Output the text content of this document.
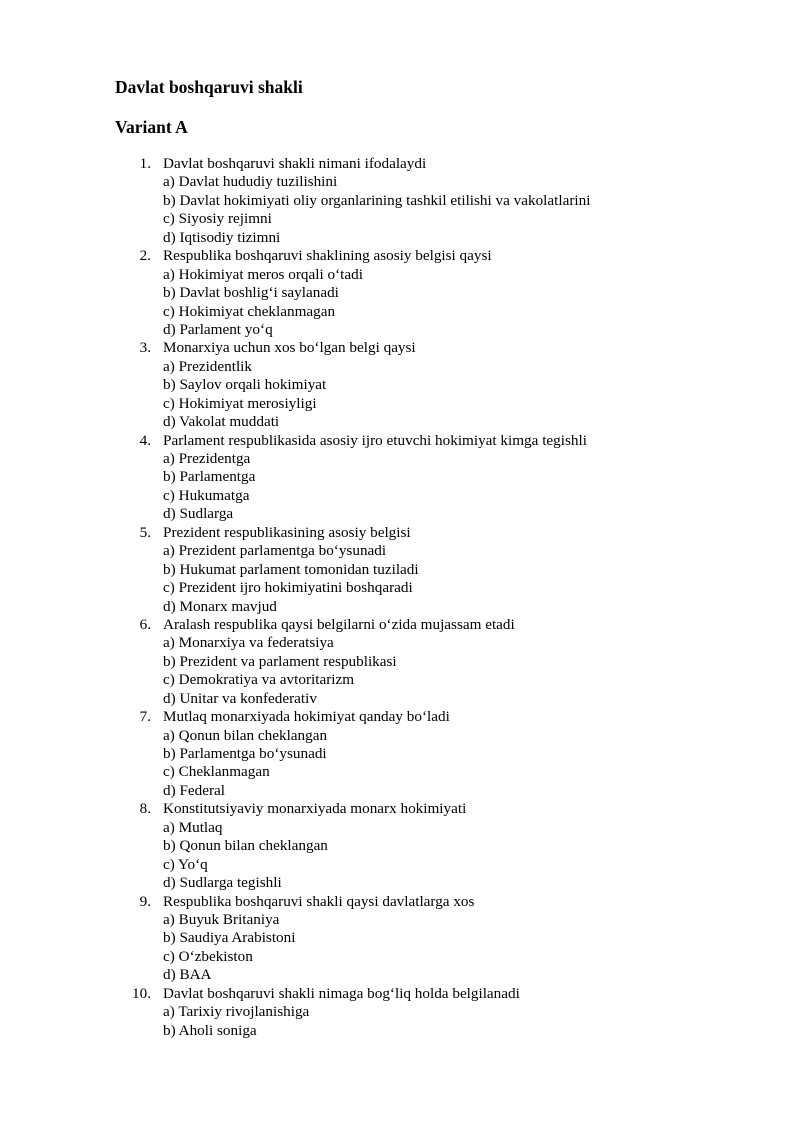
Davlat boshqaruvi shakli
Variant A
1. Davlat boshqaruvi shakli nimani ifodalaydi
a) Davlat hududiy tuzilishini
b) Davlat hokimiyati oliy organlarining tashkil etilishi va vakolatlarini
c) Siyosiy rejimni
d) Iqtisodiy tizimni
2. Respublika boshqaruvi shaklining asosiy belgisi qaysi
a) Hokimiyat meros orqali o‘tadi
b) Davlat boshlig‘i saylanadi
c) Hokimiyat cheklanmagan
d) Parlament yo‘q
3. Monarxiya uchun xos bo‘lgan belgi qaysi
a) Prezidentlik
b) Saylov orqali hokimiyat
c) Hokimiyat merosiyligi
d) Vakolat muddati
4. Parlament respublikasida asosiy ijro etuvchi hokimiyat kimga tegishli
a) Prezidentga
b) Parlamentga
c) Hukumatga
d) Sudlarga
5. Prezident respublikasining asosiy belgisi
a) Prezident parlamentga bo‘ysunadi
b) Hukumat parlament tomonidan tuziladi
c) Prezident ijro hokimiyatini boshqaradi
d) Monarx mavjud
6. Aralash respublika qaysi belgilarni o‘zida mujassam etadi
a) Monarxiya va federatsiya
b) Prezident va parlament respublikasi
c) Demokratiya va avtoritarizm
d) Unitar va konfederativ
7. Mutlaq monarxiyada hokimiyat qanday bo‘ladi
a) Qonun bilan cheklangan
b) Parlamentga bo‘ysunadi
c) Cheklanmagan
d) Federal
8. Konstitutsiyaviy monarxiyada monarx hokimiyati
a) Mutlaq
b) Qonun bilan cheklangan
c) Yo‘q
d) Sudlarga tegishli
9. Respublika boshqaruvi shakli qaysi davlatlarga xos
a) Buyuk Britaniya
b) Saudiya Arabistoni
c) O‘zbekiston
d) BAA
10. Davlat boshqaruvi shakli nimaga bog‘liq holda belgilanadi
a) Tarixiy rivojlanishiga
b) Aholi soniga
